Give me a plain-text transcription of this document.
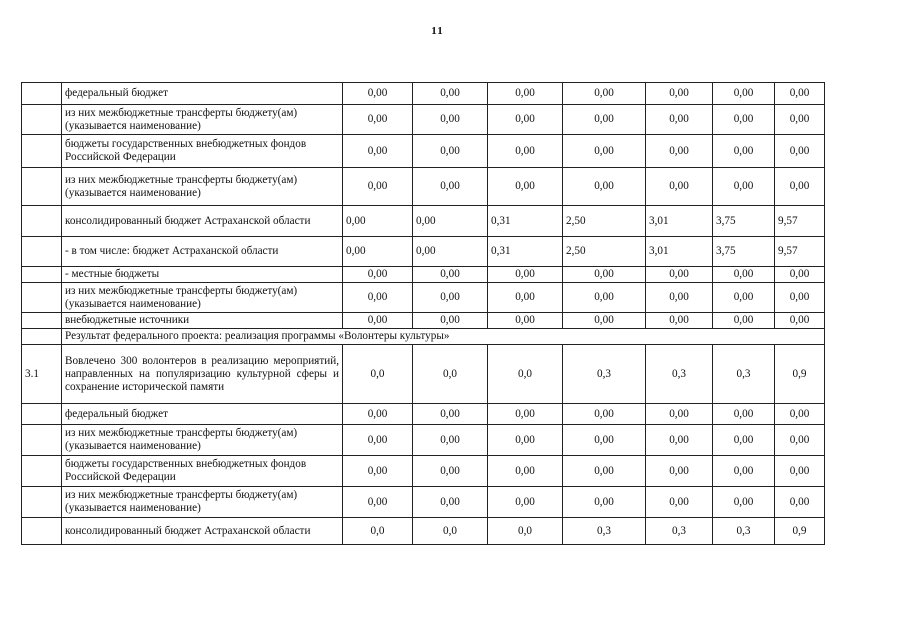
11
	федеральный бюджет	0,00	0,00	0,00	0,00	0,00	0,00	0,00
	из них межбюджетные трансферты бюджету(ам) (указывается наименование)	0,00	0,00	0,00	0,00	0,00	0,00	0,00
	бюджеты государственных внебюджетных фондов Российской Федерации	0,00	0,00	0,00	0,00	0,00	0,00	0,00
	из них межбюджетные трансферты бюджету(ам) (указывается наименование)	0,00	0,00	0,00	0,00	0,00	0,00	0,00
	консолидированный бюджет Астраханской области	0,00	0,00	0,31	2,50	3,01	3,75	9,57
	- в том числе: бюджет Астраханской области	0,00	0,00	0,31	2,50	3,01	3,75	9,57
	- местные бюджеты	0,00	0,00	0,00	0,00	0,00	0,00	0,00
	из них межбюджетные трансферты бюджету(ам) (указывается наименование)	0,00	0,00	0,00	0,00	0,00	0,00	0,00
	внебюджетные источники	0,00	0,00	0,00	0,00	0,00	0,00	0,00
	Результат федерального проекта: реализация программы «Волонтеры культуры»							
3.1	Вовлечено 300 волонтеров в реализацию мероприятий, направленных на популяризацию культурной сферы и сохранение исторической памяти	0,0	0,0	0,0	0,3	0,3	0,3	0,9
	федеральный бюджет	0,00	0,00	0,00	0,00	0,00	0,00	0,00
	из них межбюджетные трансферты бюджету(ам) (указывается наименование)	0,00	0,00	0,00	0,00	0,00	0,00	0,00
	бюджеты государственных внебюджетных фондов Российской Федерации	0,00	0,00	0,00	0,00	0,00	0,00	0,00
	из них межбюджетные трансферты бюджету(ам) (указывается наименование)	0,00	0,00	0,00	0,00	0,00	0,00	0,00
	консолидированный бюджет Астраханской области	0,0	0,0	0,0	0,3	0,3	0,3	0,9
